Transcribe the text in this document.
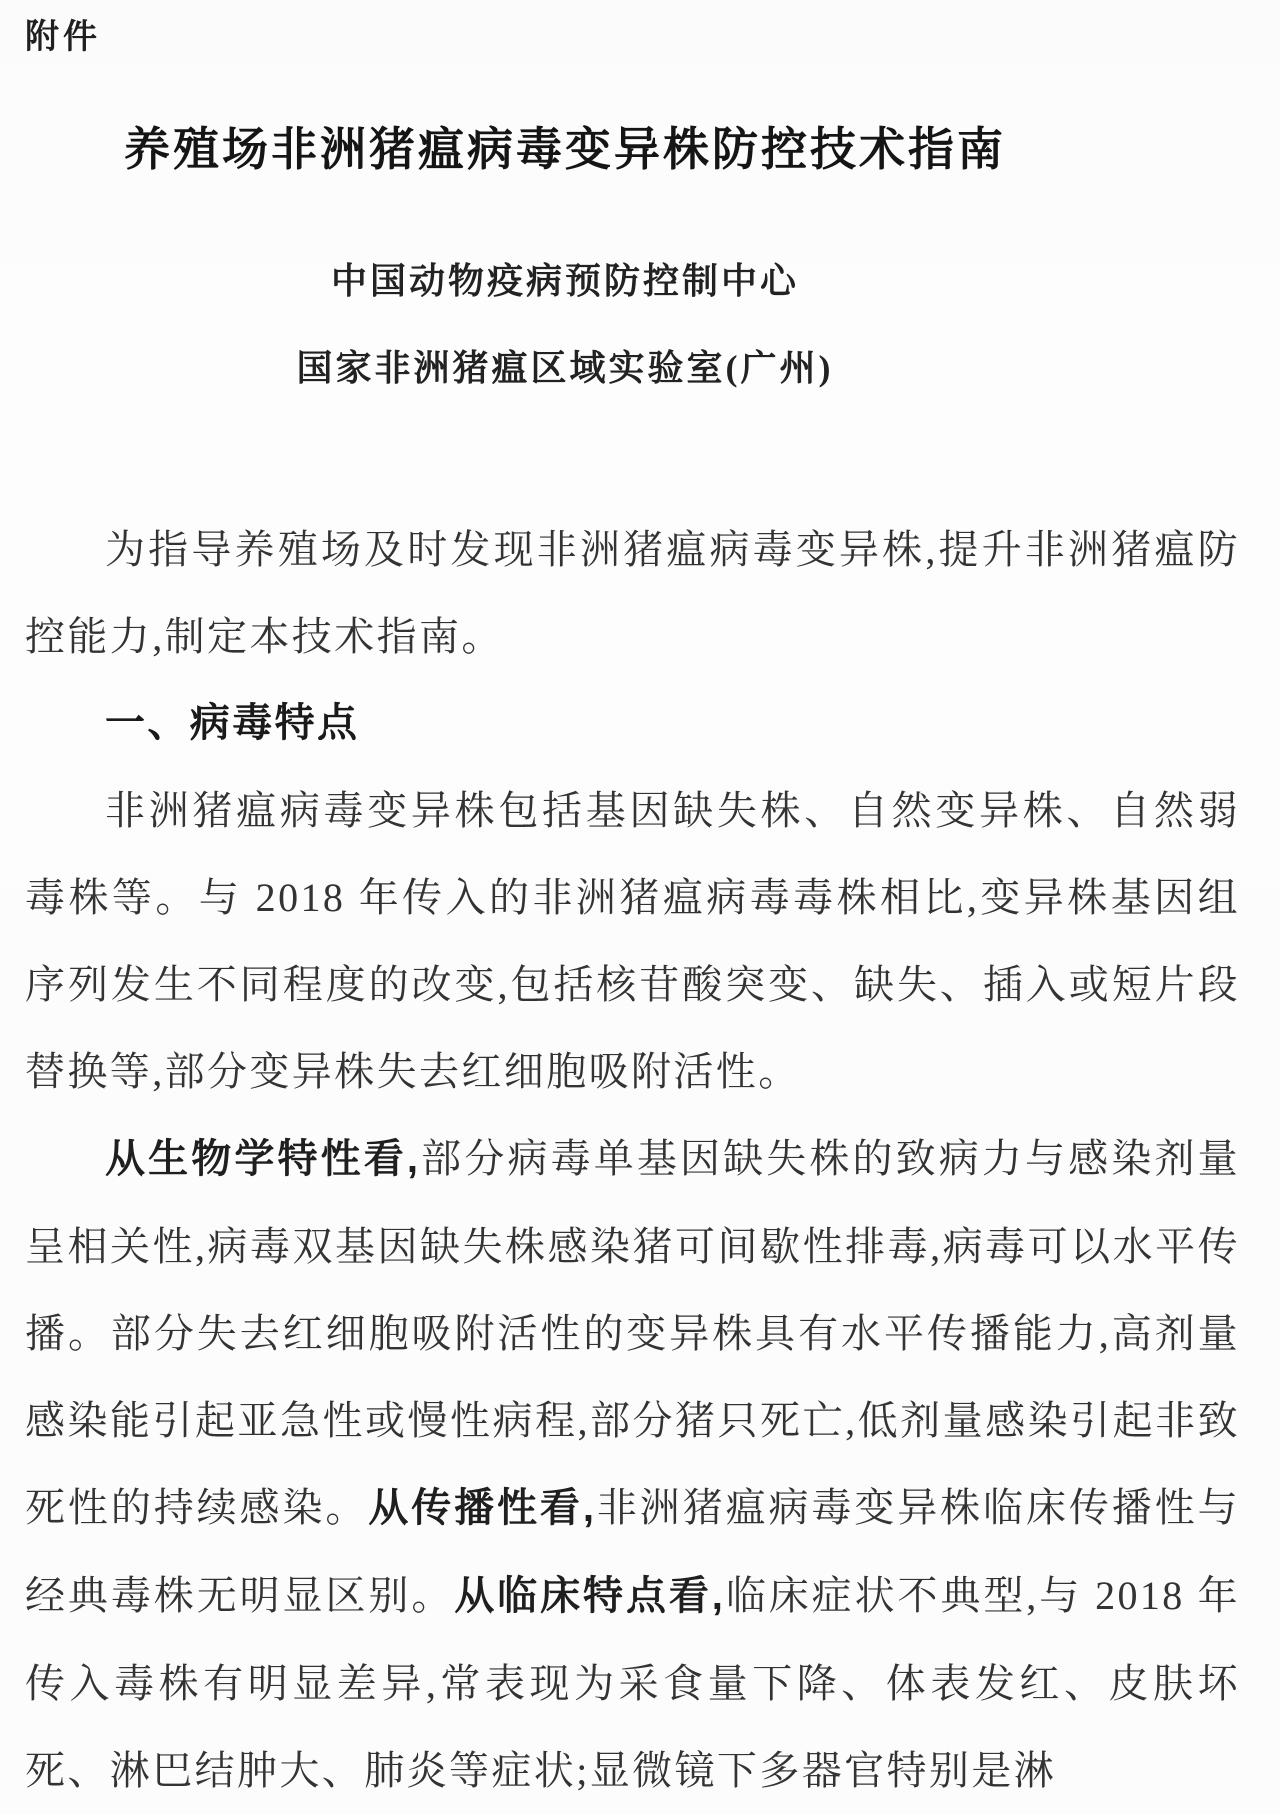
附件
养殖场非洲猪瘟病毒变异株防控技术指南
中国动物疫病预防控制中心
国家非洲猪瘟区域实验室(广州)

为指导养殖场及时发现非洲猪瘟病毒变异株,提升非洲猪瘟防控能力,制定本技术指南。

一、病毒特点

非洲猪瘟病毒变异株包括基因缺失株、自然变异株、自然弱毒株等。与 2018 年传入的非洲猪瘟病毒毒株相比,变异株基因组序列发生不同程度的改变,包括核苷酸突变、缺失、插入或短片段替换等,部分变异株失去红细胞吸附活性。

从生物学特性看,部分病毒单基因缺失株的致病力与感染剂量呈相关性,病毒双基因缺失株感染猪可间歇性排毒,病毒可以水平传播。部分失去红细胞吸附活性的变异株具有水平传播能力,高剂量感染能引起亚急性或慢性病程,部分猪只死亡,低剂量感染引起非致死性的持续感染。从传播性看,非洲猪瘟病毒变异株临床传播性与经典毒株无明显区别。从临床特点看,临床症状不典型,与 2018 年传入毒株有明显差异,常表现为采食量下降、体表发红、皮肤坏死、淋巴结肿大、肺炎等症状;显微镜下多器官特别是淋
